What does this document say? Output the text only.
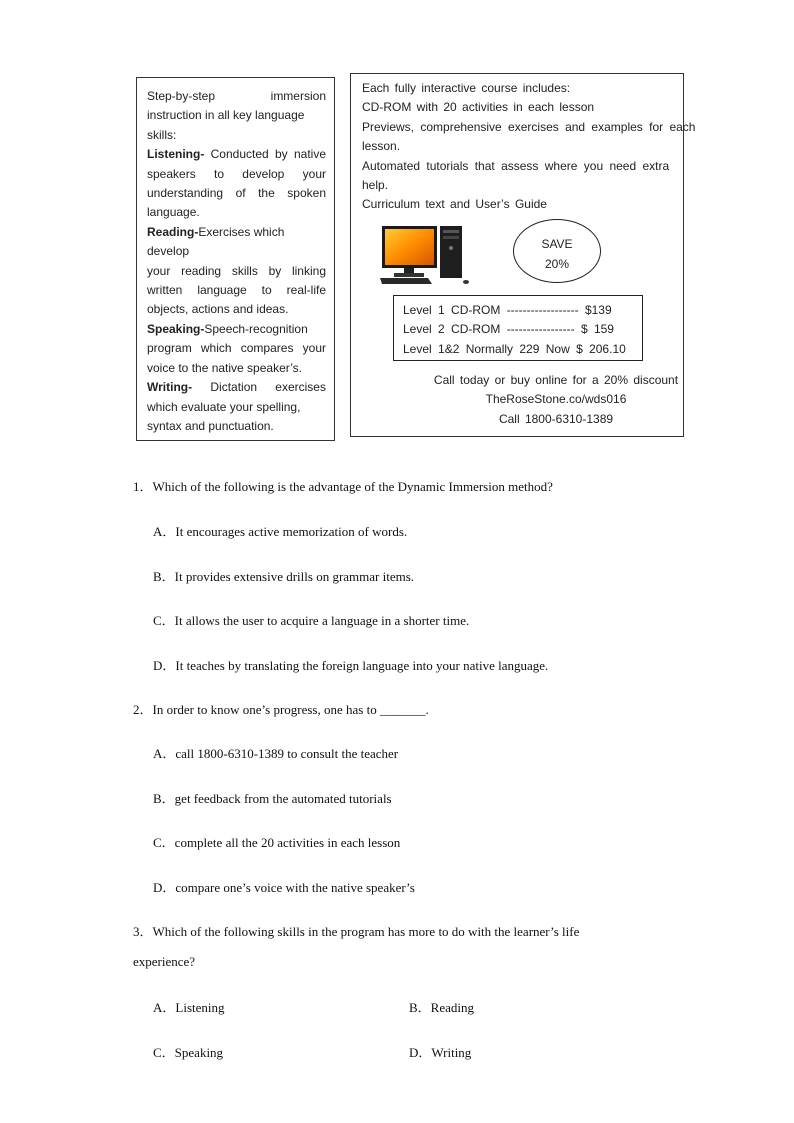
Step-by-step immersion
instruction in all key language
skills:
Listening- Conducted by native
speakers to develop your
understanding of the spoken
language.
Reading-Exercises which develop
your reading skills by linking
written language to real-life
objects, actions and ideas.
Speaking-Speech-recognition
program which compares your
voice to the native speaker’s.
Writing- Dictation exercises
which evaluate your spelling,
syntax and punctuation.
Each fully interactive course includes:
CD-ROM with 20 activities in each lesson
Previews, comprehensive exercises and examples for each
lesson.
Automated tutorials that assess where you need extra
help.
Curriculum text and User’s Guide
SAVE
20%
Level 1 CD-ROM ------------------ $139
Level 2 CD-ROM ----------------- $ 159
Level 1&2 Normally 229 Now $ 206.10
Call today or buy online for a 20% discount
TheRoseStone.co/wds016
Call 1800-6310-1389
1．Which of the following is the advantage of the Dynamic Immersion method?
A．It encourages active memorization of words.
B．It provides extensive drills on grammar items.
C．It allows the user to acquire a language in a shorter time.
D．It teaches by translating the foreign language into your native language.
2．In order to know one’s progress, one has to _______.
A．call 1800-6310-1389 to consult the teacher
B．get feedback from the automated tutorials
C．complete all the 20 activities in each lesson
D．compare one’s voice with the native speaker’s
3．Which of the following skills in the program has more to do with the learner’s life
experience?
A．Listening	B．Reading
C．Speaking	D．Writing
